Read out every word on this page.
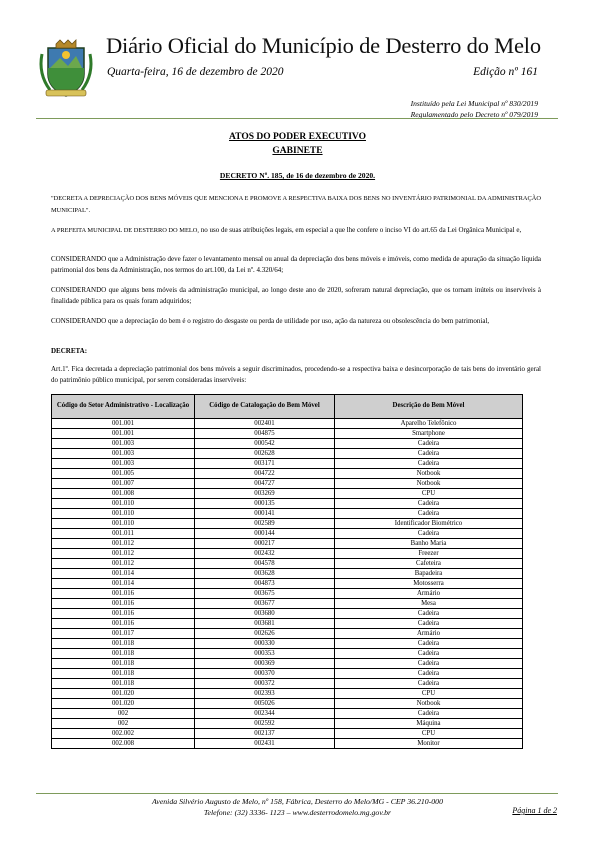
Diário Oficial do Município de Desterro do Melo
Quarta-feira, 16 de dezembro de 2020	Edição nº 161
Instituído pela Lei Municipal nº 830/2019
Regulamentado pelo Decreto nº 079/2019
ATOS DO PODER EXECUTIVO
GABINETE
DECRETO Nº. 185, de 16 de dezembro de 2020.
"DECRETA A DEPRECIAÇÃO DOS BENS MÓVEIS QUE MENCIONA E PROMOVE A RESPECTIVA BAIXA DOS BENS NO INVENTÁRIO PATRIMONIAL DA ADMINISTRAÇÃO MUNICIPAL".
A PREFEITA MUNICIPAL DE DESTERRO DO MELO, no uso de suas atribuições legais, em especial a que lhe confere o inciso VI do art.65 da Lei Orgânica Municipal e,
CONSIDERANDO que a Administração deve fazer o levantamento mensal ou anual da depreciação dos bens móveis e imóveis, como medida de apuração da situação líquida patrimonial dos bens da Administração, nos termos do art.100, da Lei nº. 4.320/64;
CONSIDERANDO que alguns bens móveis da administração municipal, ao longo deste ano de 2020, sofreram natural depreciação, que os tornam inúteis ou inservíveis à finalidade pública para os quais foram adquiridos;
CONSIDERANDO que a depreciação do bem é o registro do desgaste ou perda de utilidade por uso, ação da natureza ou obsolescência do bem patrimonial,
DECRETA:
Art.1º. Fica decretada a depreciação patrimonial dos bens móveis a seguir discriminados, procedendo-se a respectiva baixa e desincorporação de tais bens do inventário geral do patrimônio público municipal, por serem consideradas inservíveis:
Código do Setor Administrativo - Localização	Código de Catalogação do Bem Móvel	Descrição do Bem Móvel
001.001	002401	Aparelho Telefônico
001.001	004875	Smartphone
001.003	000542	Cadeira
001.003	002628	Cadeira
001.003	003171	Cadeira
001.005	004722	Notbook
001.007	004727	Notbook
001.008	003269	CPU
001.010	000135	Cadeira
001.010	000141	Cadeira
001.010	002589	Identificador Biométrico
001.011	000144	Cadeira
001.012	000217	Banho Maria
001.012	002432	Freezer
001.012	004578	Cafeteira
001.014	003628	Bapadeira
001.014	004873	Motosserra
001.016	003675	Armário
001.016	003677	Mesa
001.016	003680	Cadeira
001.016	003681	Cadeira
001.017	002626	Armário
001.018	000330	Cadeira
001.018	000353	Cadeira
001.018	000369	Cadeira
001.018	000370	Cadeira
001.018	000372	Cadeira
001.020	002393	CPU
001.020	005026	Notbook
002	002344	Cadeira
002	002592	Máquina
002.002	002137	CPU
002.008	002431	Monitor
Avenida Silvério Augusto de Melo, nº 158, Fábrica, Desterro do Melo/MG - CEP 36.210-000
Telefone: (32) 3336- 1123 – www.desterrodomelo.mg.gov.br	Página 1 de 2
